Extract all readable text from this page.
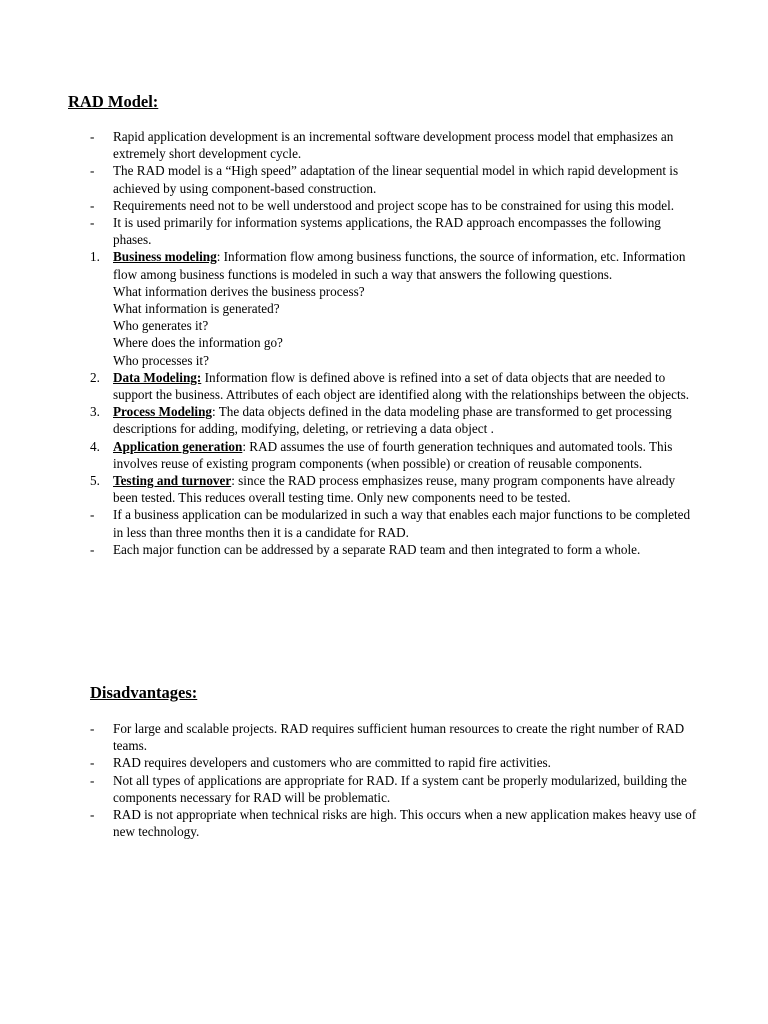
RAD Model:
- Rapid application development is an incremental software development process model that emphasizes an extremely short development cycle.
- The RAD model is a “High speed” adaptation of the linear sequential model in which rapid development is achieved by using component-based construction.
- Requirements need not to be well understood and project scope has to be constrained for using this model.
- It is used primarily for information systems applications, the RAD approach encompasses the following phases.
1. Business modeling: Information flow among business functions, the source of information, etc. Information flow among business functions is modeled in such a way that answers the following questions.
What information derives the business process?
What information is generated?
Who generates it?
Where does the information go?
Who processes it?
2. Data Modeling: Information flow is defined above is refined into a set of data objects that are needed to support the business. Attributes of each object are identified along with the relationships between the objects.
3. Process Modeling: The data objects defined in the data modeling phase are transformed to get processing descriptions for adding, modifying, deleting, or retrieving a data object .
4. Application generation: RAD assumes the use of fourth generation techniques and automated tools. This involves reuse of existing program components (when possible) or creation of reusable components.
5. Testing and turnover: since the RAD process emphasizes reuse, many program components have already been tested. This reduces overall testing time. Only new components need to be tested.
- If a business application can be modularized in such a way that enables each major functions to be completed in less than three months then it is a candidate for RAD.
- Each major function can be addressed by a separate RAD team and then integrated to form a whole.
Disadvantages:
- For large and scalable projects. RAD requires sufficient human resources to create the right number of RAD teams.
- RAD requires developers and customers who are committed to rapid fire activities.
- Not all types of applications are appropriate for RAD. If a system cant be properly modularized, building the components necessary for RAD will be problematic.
- RAD is not appropriate when technical risks are high. This occurs when a new application makes heavy use of new technology.
